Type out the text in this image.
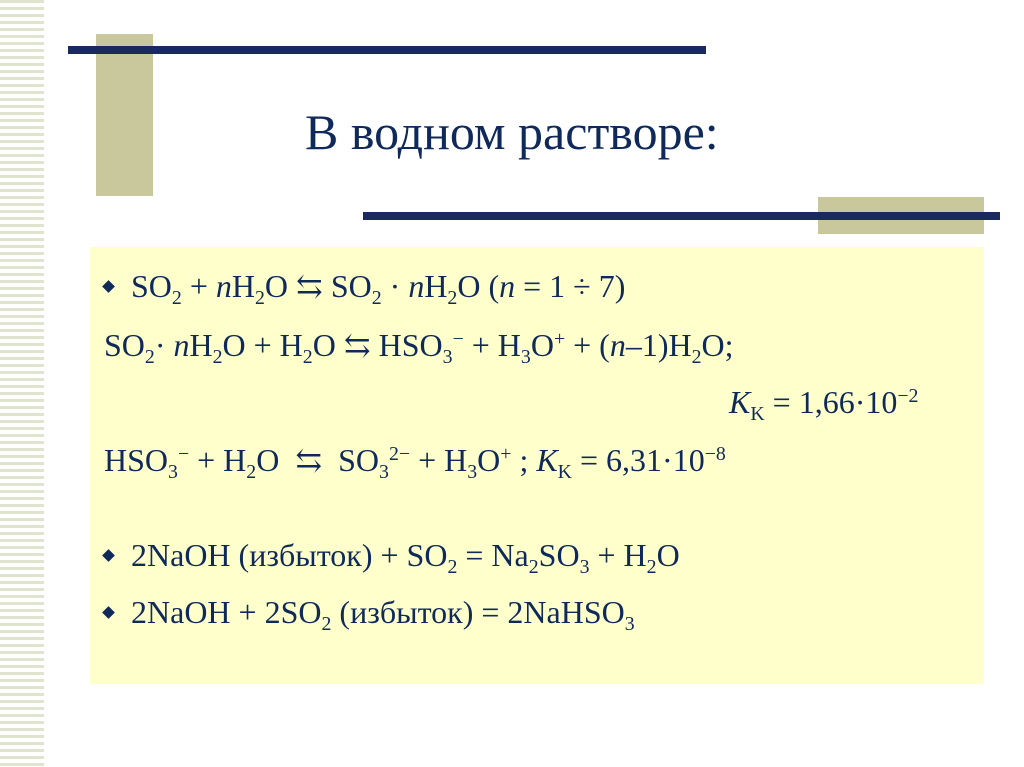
В водном растворе:
$SO_2 + nH_2O$ ⇆ $SO_2 \cdot nH_2O$ (n = 1 ÷ 7)
$SO_2\cdot nH_2O + H_2O$ ⇆ $HSO_3^- + H_3O^+ + (n-1)H_2O$;
$K_K = 1,66\cdot 10^{-2}$
$HSO_3^- + H_2O$ ⇆ $SO_3^{2-} + H_3O^+$ ; $K_K = 6,31\cdot 10^{-8}$
2NaOH (избыток) + $SO_2 = Na_2SO_3 + H_2O$
2NaOH + $2SO_2$ (избыток) = 2NaHSO$_3$
